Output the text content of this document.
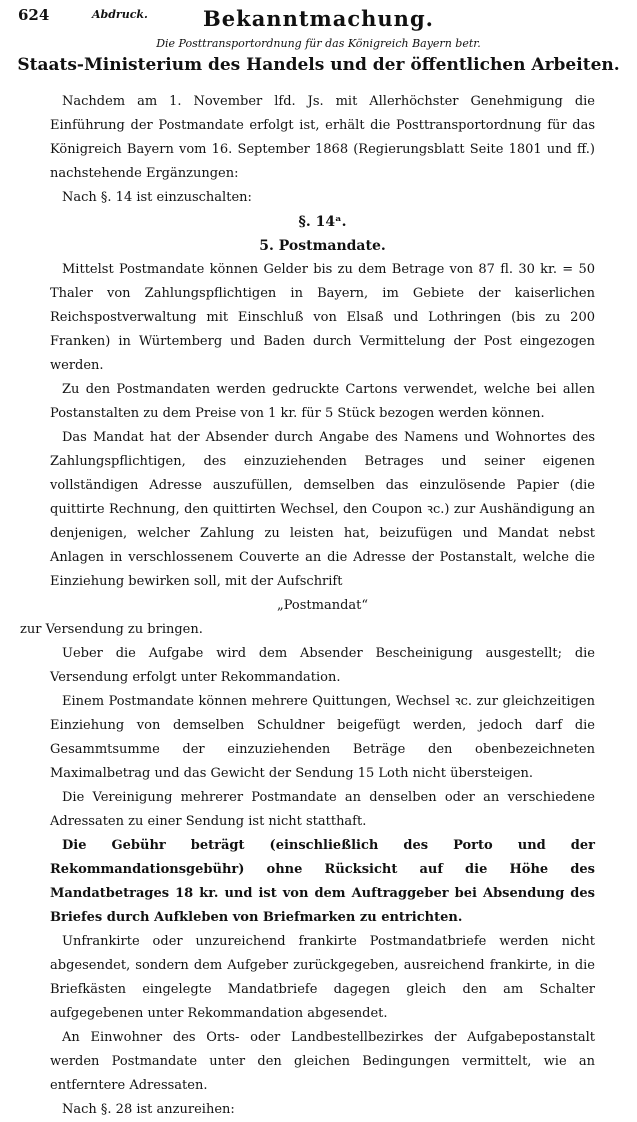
624	Abdruck.	Bekanntmachung.
Die Posttransportordnung für das Königreich Bayern betr.
Staats-Ministerium des Handels und der öffentlichen Arbeiten.

Nachdem am 1. November lfd. Js. mit Allerhöchster Genehmigung die Einführung der Postmandate erfolgt ist, erhält die Posttransportordnung für das Königreich Bayern vom 16. September 1868 (Regierungsblatt Seite 1801 und ff.) nachstehende Ergänzungen:

Nach §. 14 ist einzuschalten:

§. 14ᵃ.

5. Postmandate.

Mittelst Postmandate können Gelder bis zu dem Betrage von 87 fl. 30 kr. = 50 Thaler von Zahlungspflichtigen in Bayern, im Gebiete der kaiserlichen Reichspostverwaltung mit Einschluß von Elsaß und Lothringen (bis zu 200 Franken) in Würtemberg und Baden durch Vermittelung der Post eingezogen werden.

Zu den Postmandaten werden gedruckte Cartons verwendet, welche bei allen Postanstalten zu dem Preise von 1 kr. für 5 Stück bezogen werden können.

Das Mandat hat der Absender durch Angabe des Namens und Wohnortes des Zahlungspflichtigen, des einzuziehenden Betrages und seiner eigenen vollständigen Adresse auszufüllen, demselben das einzulösende Papier (die quittirte Rechnung, den quittirten Wechsel, den Coupon ꝛc.) zur Aushändigung an denjenigen, welcher Zahlung zu leisten hat, beizufügen und Mandat nebst Anlagen in verschlossenem Couverte an die Adresse der Postanstalt, welche die Einziehung bewirken soll, mit der Aufschrift

„Postmandat“

zur Versendung zu bringen.

Ueber die Aufgabe wird dem Absender Bescheinigung ausgestellt; die Versendung erfolgt unter Rekommandation.

Einem Postmandate können mehrere Quittungen, Wechsel ꝛc. zur gleichzeitigen Einziehung von demselben Schuldner beigefügt werden, jedoch darf die Gesammtsumme der einzuziehenden Beträge den obenbezeichneten Maximalbetrag und das Gewicht der Sendung 15 Loth nicht übersteigen.

Die Vereinigung mehrerer Postmandate an denselben oder an verschiedene Adressaten zu einer Sendung ist nicht statthaft.

Die Gebühr beträgt (einschließlich des Porto und der Rekommandationsgebühr) ohne Rücksicht auf die Höhe des Mandatbetrages 18 kr. und ist von dem Auftraggeber bei Absendung des Briefes durch Aufkleben von Briefmarken zu entrichten.

Unfrankirte oder unzureichend frankirte Postmandatbriefe werden nicht abgesendet, sondern dem Aufgeber zurückgegeben, ausreichend frankirte, in die Briefkästen eingelegte Mandatbriefe dagegen gleich den am Schalter aufgegebenen unter Rekommandation abgesendet.

An Einwohner des Orts- oder Landbestellbezirkes der Aufgabepostanstalt werden Postmandate unter den gleichen Bedingungen vermittelt, wie an entferntere Adressaten.

Nach §. 28 ist anzureihen:
